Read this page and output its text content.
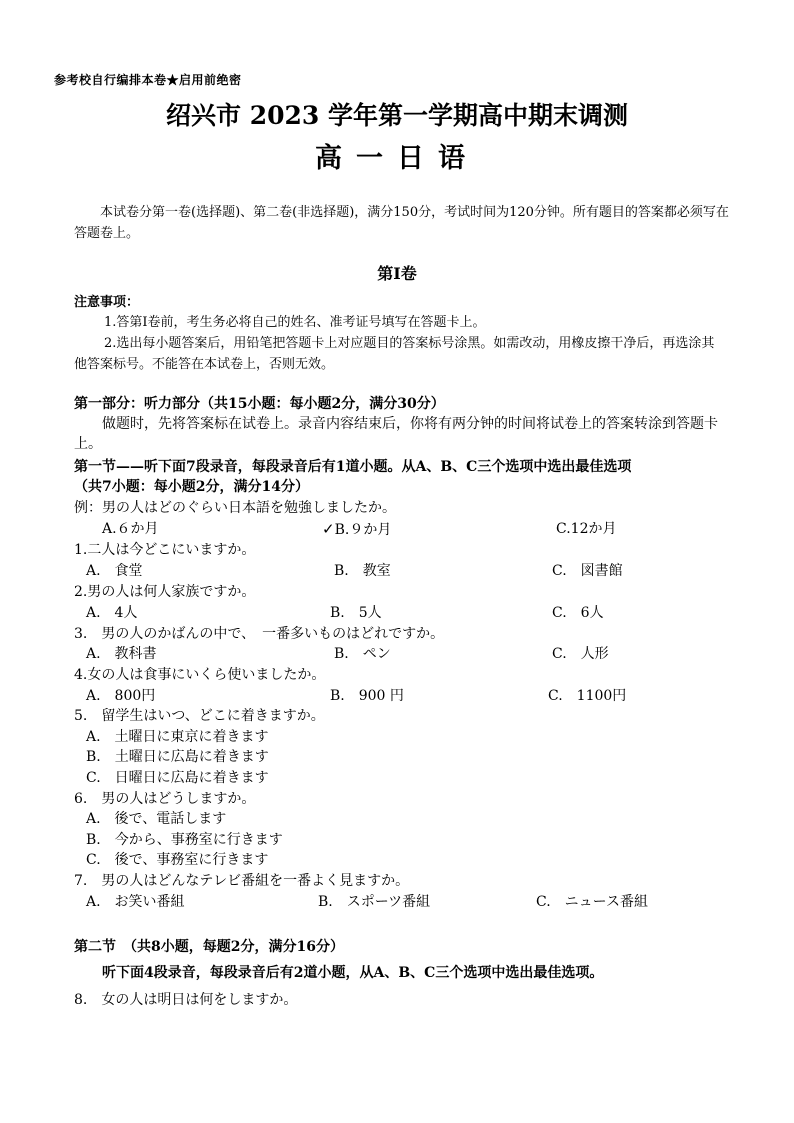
参考校自行编排本卷★启用前绝密
绍兴市 2023 学年第一学期高中期末调测
高一日语
本试卷分第一卷(选择题)、第二卷(非选择题)，满分150分，考试时间为120分钟。所有题目的答案都必须写在答题卷上。
第Ⅰ卷
注意事项：
1.答第Ⅰ卷前，考生务必将自己的姓名、准考证号填写在答题卡上。
2.选出每小题答案后，用铅笔把答题卡上对应题目的答案标号涂黑。如需改动，用橡皮擦干净后，再选涂其他答案标号。不能答在本试卷上，否则无效。
第一部分：听力部分（共15小题：每小题2分，满分30分）
做题时，先将答案标在试卷上。录音内容结束后，你将有两分钟的时间将试卷上的答案转涂到答题卡上。
第一节——听下面7段录音，每段录音后有1道小题。从A、B、C三个选项中选出最佳选项
（共7小题：每小题2分，满分14分）
例：男の人はどのぐらい日本語を勉強しましたか。
A.６か月	✓B.９か月	C.12か月
1.二人は今どこにいますか。
A.　食堂	B.　教室	C.　図書館
2.男の人は何人家族ですか。
A.　4人	B.　5人	C.　6人
3.　男の人のかばんの中で、　一番多いものはどれですか。
A.　教科書	B.　ペン	C.　人形
4.女の人は食事にいくら使いましたか。
A.　800円	B.　900 円	C.　1100円
5.　留学生はいつ、どこに着きますか。
A.　土曜日に東京に着きます
B.　土曜日に広島に着きます
C.　日曜日に広島に着きます
6.　男の人はどうしますか。
A.　後で、電話します
B.　今から、事務室に行きます
C.　後で、事務室に行きます
7.　男の人はどんなテレビ番組を一番よく見ますか。
A.　お笑い番組	B.　スポーツ番組	C.　ニュース番組
第二节　（共8小题，每题2分，满分16分）
听下面4段录音，每段录音后有2道小题，从A、B、C三个选项中选出最佳选项。
8.　女の人は明日は何をしますか。
